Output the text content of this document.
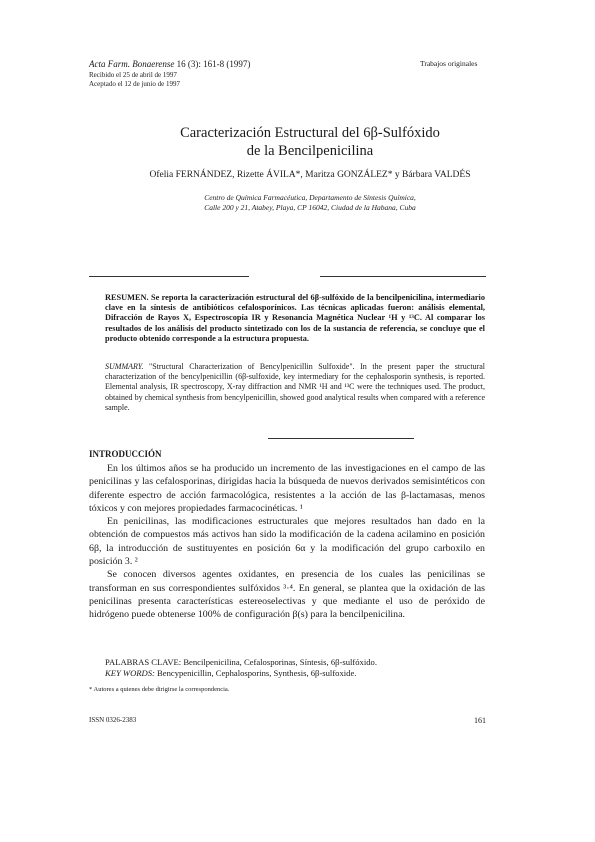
Acta Farm. Bonaerense 16 (3): 161-8 (1997)	Trabajos originales
Recibido el 25 de abril de 1997
Aceptado el 12 de junio de 1997
Caracterización Estructural del 6β-Sulfóxido
de la Bencilpenicilina
Ofelia FERNÁNDEZ, Rizette ÁVILA*, Maritza GONZÁLEZ* y Bárbara VALDÉS
Centro de Química Farmacéutica, Departamento de Síntesis Química,
Calle 200 y 21, Atabey, Playa, CP 16042, Ciudad de la Habana, Cuba
RESUMEN. Se reporta la caracterización estructural del 6β-sulfóxido de la bencilpenicilina, intermediario clave en la síntesis de antibióticos cefalosporínicos. Las técnicas aplicadas fueron: análisis elemental, Difracción de Rayos X, Espectroscopía IR y Resonancia Magnética Nuclear ¹H y ¹³C. Al comparar los resultados de los análisis del producto sintetizado con los de la sustancia de referencia, se concluye que el producto obtenido corresponde a la estructura propuesta.
SUMMARY. "Structural Characterization of Bencylpenicillin Sulfoxide". In the present paper the structural characterization of the bencylpenicillin (6β-sulfoxide, key intermediary for the cephalosporin synthesis, is reported. Elemental analysis, IR spectroscopy, X-ray diffraction and NMR ¹H and ¹³C were the techniques used. The product, obtained by chemical synthesis from bencylpenicillin, showed good analytical results when compared with a reference sample.
INTRODUCCIÓN

En los últimos años se ha producido un incremento de las investigaciones en el campo de las penicilinas y las cefalosporinas, dirigidas hacia la búsqueda de nuevos derivados semisintéticos con diferente espectro de acción farmacológica, resistentes a la acción de las β-lactamasas, menos tóxicos y con mejores propiedades farmacocinéticas. ¹

En penicilinas, las modificaciones estructurales que mejores resultados han dado en la obtención de compuestos más activos han sido la modificación de la cadena acilamino en posición 6β, la introducción de sustituyentes en posición 6α y la modificación del grupo carboxilo en posición 3. ²

Se conocen diversos agentes oxidantes, en presencia de los cuales las penicilinas se transforman en sus correspondientes sulfóxidos ³·⁴. En general, se plantea que la oxidación de las penicilinas presenta características estereoselectivas y que mediante el uso de peróxido de hidrógeno puede obtenerse 100% de configuración β(s) para la bencilpenicilina.

PALABRAS CLAVE: Bencilpenicilina, Cefalosporinas, Síntesis, 6β-sulfóxido.
KEY WORDS: Bencypenicillin, Cephalosporins, Synthesis, 6β-sulfoxide.
* Autores a quienes debe dirigirse la correspondencia.
ISSN 0326-2383	161
